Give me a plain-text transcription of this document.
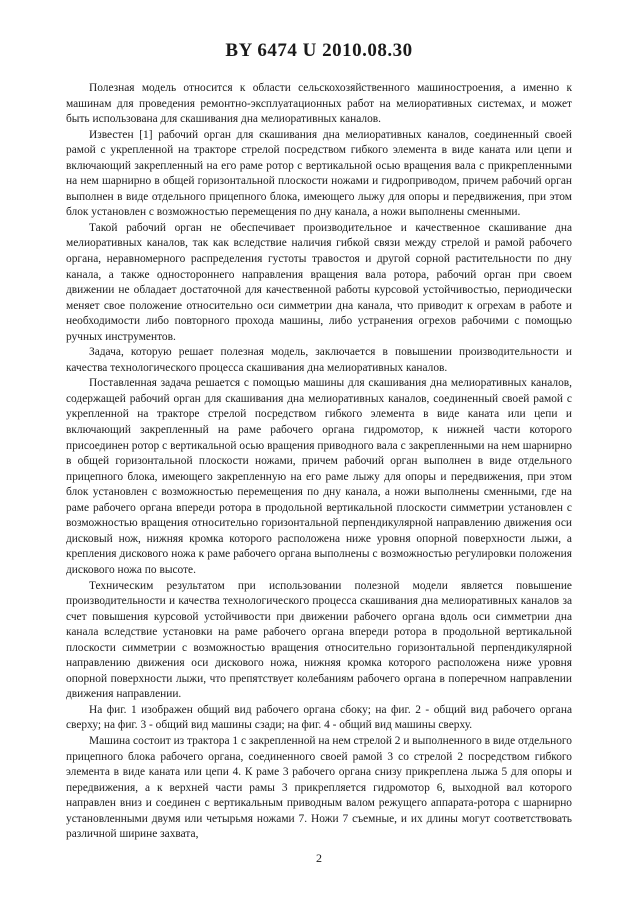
BY 6474 U 2010.08.30

Полезная модель относится к области сельскохозяйственного машиностроения, а именно к машинам для проведения ремонтно-эксплуатационных работ на мелиоративных системах, и может быть использована для скашивания дна мелиоративных каналов.

Известен [1] рабочий орган для скашивания дна мелиоративных каналов, соединенный своей рамой с укрепленной на тракторе стрелой посредством гибкого элемента в виде каната или цепи и включающий закрепленный на его раме ротор с вертикальной осью вращения вала с прикрепленными на нем шарнирно в общей горизонтальной плоскости ножами и гидроприводом, причем рабочий орган выполнен в виде отдельного прицепного блока, имеющего лыжу для опоры и передвижения, при этом блок установлен с возможностью перемещения по дну канала, а ножи выполнены сменными.

Такой рабочий орган не обеспечивает производительное и качественное скашивание дна мелиоративных каналов, так как вследствие наличия гибкой связи между стрелой и рамой рабочего органа, неравномерного распределения густоты травостоя и другой сорной растительности по дну канала, а также одностороннего направления вращения вала ротора, рабочий орган при своем движении не обладает достаточной для качественной работы курсовой устойчивостью, периодически меняет свое положение относительно оси симметрии дна канала, что приводит к огрехам в работе и необходимости либо повторного прохода машины, либо устранения огрехов рабочими с помощью ручных инструментов.

Задача, которую решает полезная модель, заключается в повышении производительности и качества технологического процесса скашивания дна мелиоративных каналов.

Поставленная задача решается с помощью машины для скашивания дна мелиоративных каналов, содержащей рабочий орган для скашивания дна мелиоративных каналов, соединенный своей рамой с укрепленной на тракторе стрелой посредством гибкого элемента в виде каната или цепи и включающий закрепленный на раме рабочего органа гидромотор, к нижней части которого присоединен ротор с вертикальной осью вращения приводного вала с закрепленными на нем шарнирно в общей горизонтальной плоскости ножами, причем рабочий орган выполнен в виде отдельного прицепного блока, имеющего закрепленную на его раме лыжу для опоры и передвижения, при этом блок установлен с возможностью перемещения по дну канала, а ножи выполнены сменными, где на раме рабочего органа впереди ротора в продольной вертикальной плоскости симметрии установлен с возможностью вращения относительно горизонтальной перпендикулярной направлению движения оси дисковый нож, нижняя кромка которого расположена ниже уровня опорной поверхности лыжи, а крепления дискового ножа к раме рабочего органа выполнены с возможностью регулировки положения дискового ножа по высоте.

Техническим результатом при использовании полезной модели является повышение производительности и качества технологического процесса скашивания дна мелиоративных каналов за счет повышения курсовой устойчивости при движении рабочего органа вдоль оси симметрии дна канала вследствие установки на раме рабочего органа впереди ротора в продольной вертикальной плоскости симметрии с возможностью вращения относительно горизонтальной перпендикулярной направлению движения оси дискового ножа, нижняя кромка которого расположена ниже уровня опорной поверхности лыжи, что препятствует колебаниям рабочего органа в поперечном направлении движения направлении.

На фиг. 1 изображен общий вид рабочего органа сбоку; на фиг. 2 - общий вид рабочего органа сверху; на фиг. 3 - общий вид машины сзади; на фиг. 4 - общий вид машины сверху.

Машина состоит из трактора 1 с закрепленной на нем стрелой 2 и выполненного в виде отдельного прицепного блока рабочего органа, соединенного своей рамой 3 со стрелой 2 посредством гибкого элемента в виде каната или цепи 4. К раме 3 рабочего органа снизу прикреплена лыжа 5 для опоры и передвижения, а к верхней части рамы 3 прикрепляется гидромотор 6, выходной вал которого направлен вниз и соединен с вертикальным приводным валом режущего аппарата-ротора с шарнирно установленными двумя или четырьмя ножами 7. Ножи 7 съемные, и их длины могут соответствовать различной ширине захвата,

2
